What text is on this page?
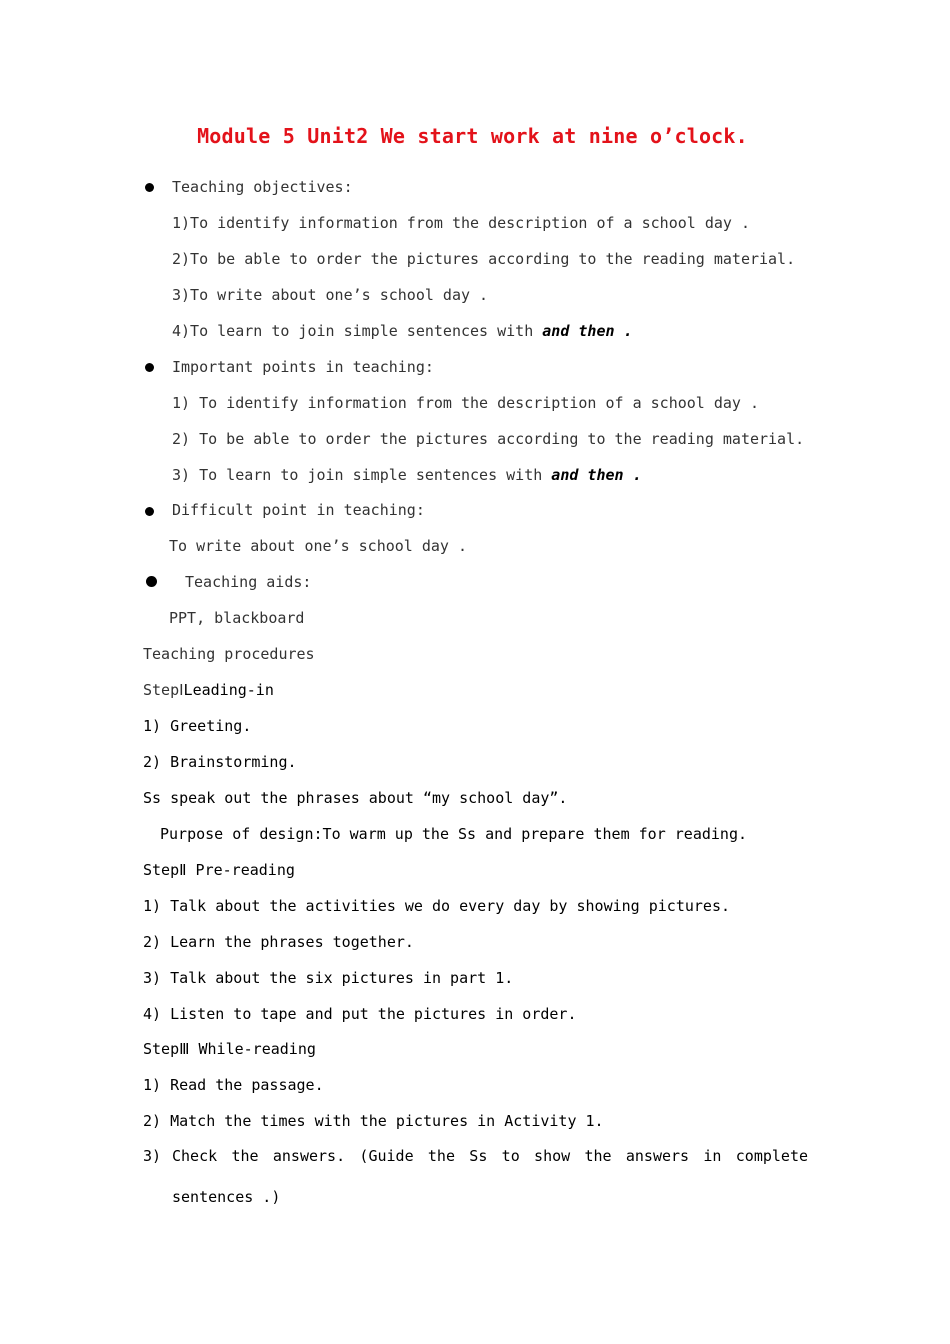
Module 5 Unit2 We start work at nine o’clock.
Teaching objectives:
1)To identify information from the description of a school day .
2)To be able to order the pictures according to the reading material.
3)To write about one’s school day .
4)To learn to join simple sentences with and then .
Important points in teaching:
1) To identify information from the description of a school day .
2) To be able to order the pictures according to the reading material.
3) To learn to join simple sentences with and then .
Difficult point in teaching:
To write about one’s school day .
Teaching aids:
PPT, blackboard
Teaching procedures
StepⅠLeading-in
1) Greeting.
2) Brainstorming.
Ss speak out the phrases about “my school day”.
Purpose of design:To warm up the Ss and prepare them for reading.
StepⅡ Pre-reading
1) Talk about the activities we do every day by showing pictures.
2) Learn the phrases together.
3) Talk about the six pictures in part 1.
4) Listen to tape and put the pictures in order.
StepⅢ While-reading
1) Read the passage.
2) Match the times with the pictures in Activity 1.
3) Check the answers. (Guide the Ss to show the answers in complete
sentences .)
